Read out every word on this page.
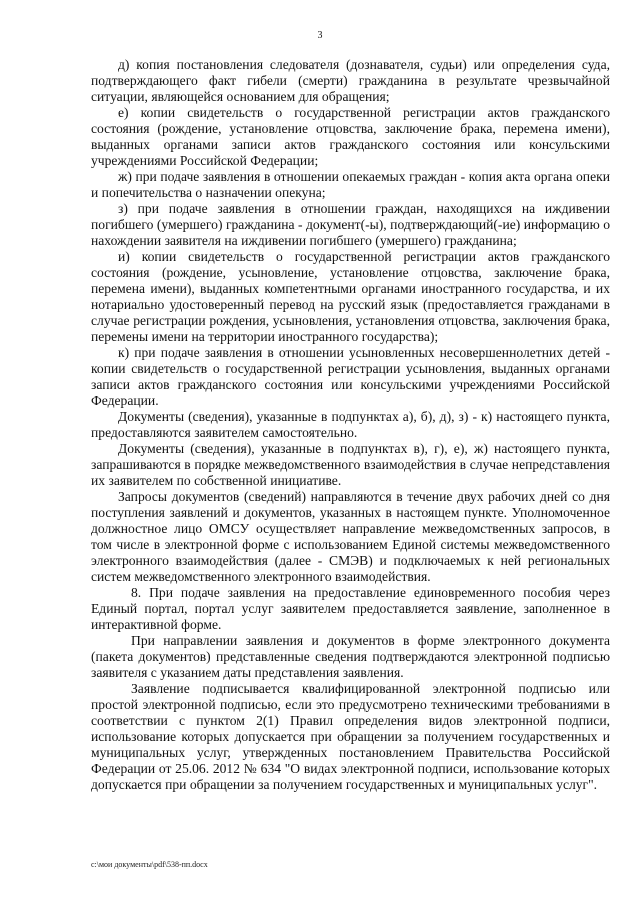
3

д) копия постановления следователя (дознавателя, судьи) или определения суда, подтверждающего факт гибели (смерти) гражданина в результате чрезвычайной ситуации, являющейся основанием для обращения;

е) копии свидетельств о государственной регистрации актов гражданского состояния (рождение, установление отцовства, заключение брака, перемена имени), выданных органами записи актов гражданского состояния или консульскими учреждениями Российской Федерации;

ж) при подаче заявления в отношении опекаемых граждан - копия акта органа опеки и попечительства о назначении опекуна;

з) при подаче заявления в отношении граждан, находящихся на иждивении погибшего (умершего) гражданина - документ(-ы), подтверждающий(-ие) информацию о нахождении заявителя на иждивении погибшего (умершего) гражданина;

и) копии свидетельств о государственной регистрации актов гражданского состояния (рождение, усыновление, установление отцовства, заключение брака, перемена имени), выданных компетентными органами иностранного государства, и их нотариально удостоверенный перевод на русский язык (предоставляется гражданами в случае регистрации рождения, усыновления, установления отцовства, заключения брака, перемены имени на территории иностранного государства);

к) при подаче заявления в отношении усыновленных несовершеннолетних детей - копии свидетельств о государственной регистрации усыновления, выданных органами записи актов гражданского состояния или консульскими учреждениями Российской Федерации.

Документы (сведения), указанные в подпунктах а), б), д), з) - к) настоящего пункта, предоставляются заявителем самостоятельно.

Документы (сведения), указанные в подпунктах в), г), е), ж) настоящего пункта, запрашиваются в порядке межведомственного взаимодействия в случае непредставления их заявителем по собственной инициативе.

Запросы документов (сведений) направляются в течение двух рабочих дней со дня поступления заявлений и документов, указанных в настоящем пункте. Уполномоченное должностное лицо ОМСУ осуществляет направление межведомственных запросов, в том числе в электронной форме с использованием Единой системы межведомственного электронного взаимодействия (далее - СМЭВ) и подключаемых к ней региональных систем межведомственного электронного взаимодействия.

8. При подаче заявления на предоставление единовременного пособия через Единый портал, портал услуг заявителем предоставляется заявление, заполненное в интерактивной форме.

При направлении заявления и документов в форме электронного документа (пакета документов) представленные сведения подтверждаются электронной подписью заявителя с указанием даты представления заявления.

Заявление подписывается квалифицированной электронной подписью или простой электронной подписью, если это предусмотрено техническими требованиями в соответствии с пунктом 2(1) Правил определения видов электронной подписи, использование которых допускается при обращении за получением государственных и муниципальных услуг, утвержденных постановлением Правительства Российской Федерации от 25.06. 2012 № 634 "О видах электронной подписи, использование которых допускается при обращении за получением государственных и муниципальных услуг".

c:\мои документы\pdf\538-пп.docx
